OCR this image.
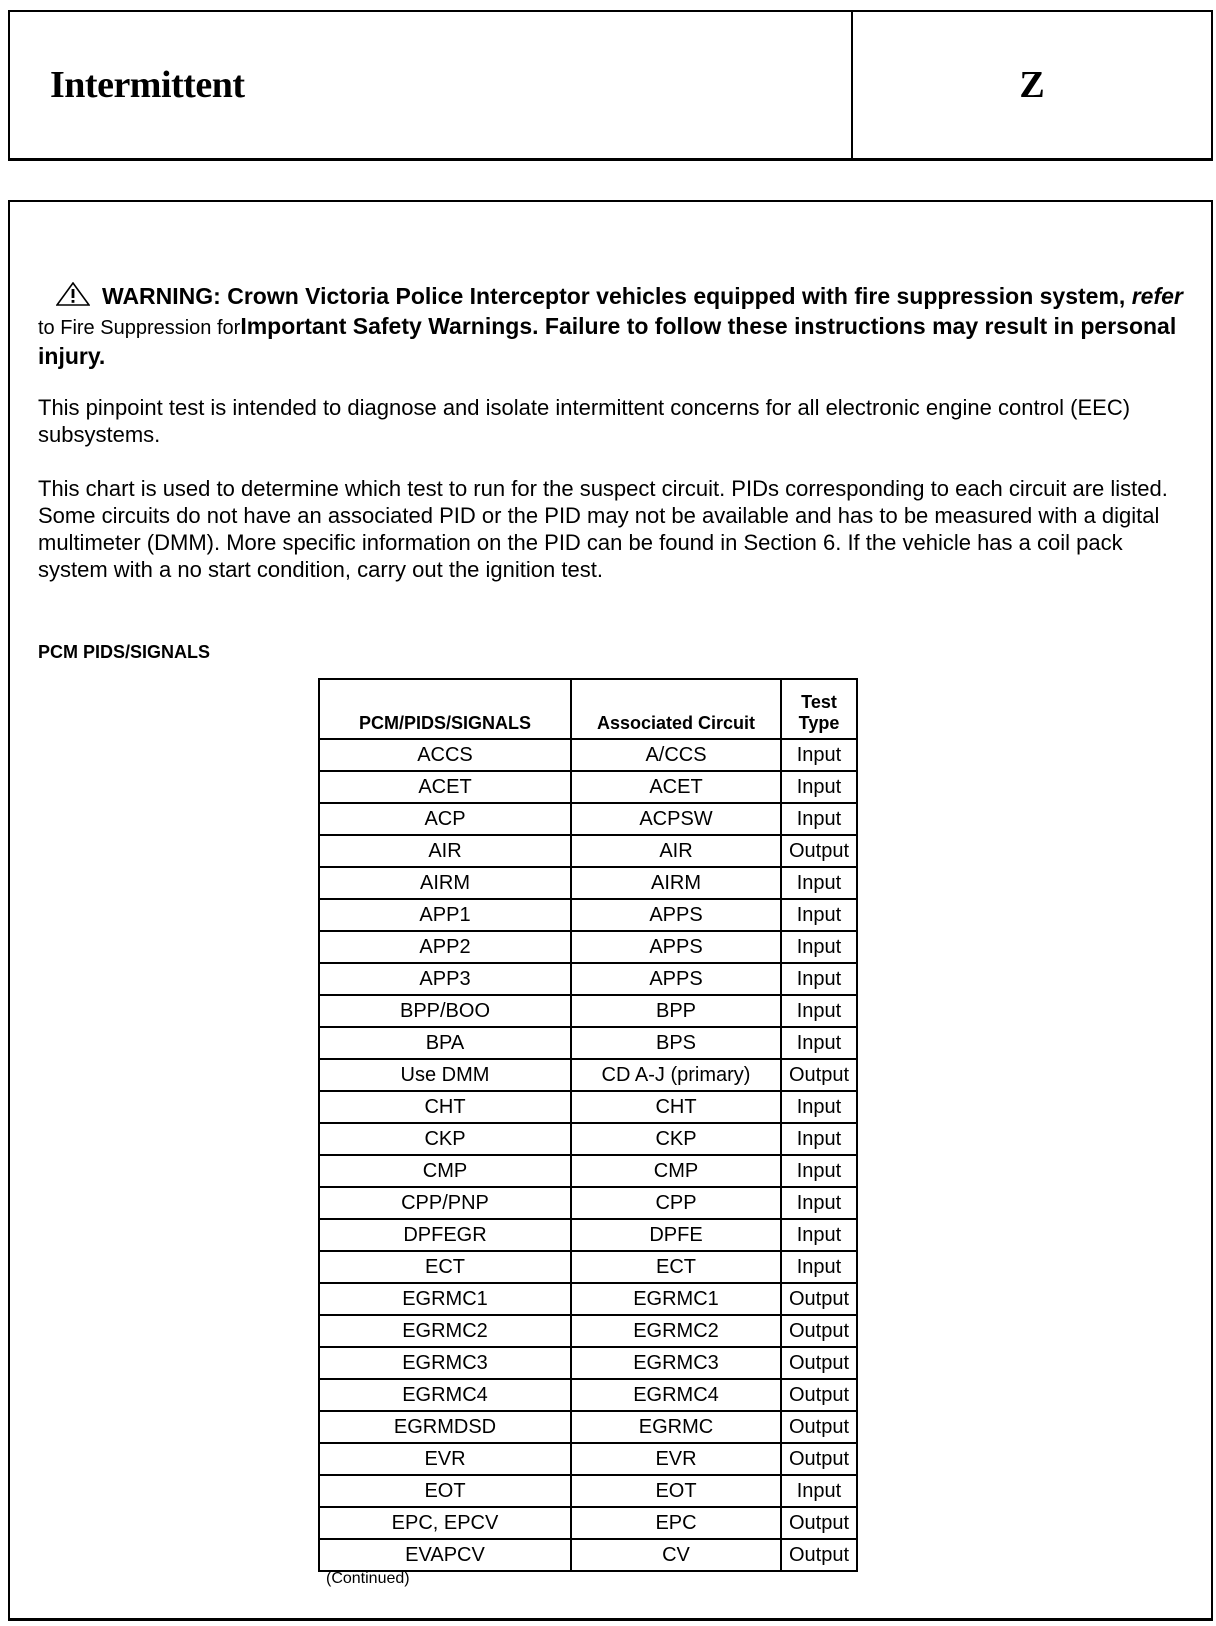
Intermittent	Z
WARNING: Crown Victoria Police Interceptor vehicles equipped with fire suppression system, refer to Fire Suppression forImportant Safety Warnings. Failure to follow these instructions may result in personal injury.
This pinpoint test is intended to diagnose and isolate intermittent concerns for all electronic engine control (EEC) subsystems.
This chart is used to determine which test to run for the suspect circuit. PIDs corresponding to each circuit are listed. Some circuits do not have an associated PID or the PID may not be available and has to be measured with a digital multimeter (DMM). More specific information on the PID can be found in Section 6. If the vehicle has a coil pack system with a no start condition, carry out the ignition test.
PCM PIDS/SIGNALS
PCM/PIDS/SIGNALS	Associated Circuit	Test
Type
ACCS	A/CCS	Input
ACET	ACET	Input
ACP	ACPSW	Input
AIR	AIR	Output
AIRM	AIRM	Input
APP1	APPS	Input
APP2	APPS	Input
APP3	APPS	Input
BPP/BOO	BPP	Input
BPA	BPS	Input
Use DMM	CD A-J (primary)	Output
CHT	CHT	Input
CKP	CKP	Input
CMP	CMP	Input
CPP/PNP	CPP	Input
DPFEGR	DPFE	Input
ECT	ECT	Input
EGRMC1	EGRMC1	Output
EGRMC2	EGRMC2	Output
EGRMC3	EGRMC3	Output
EGRMC4	EGRMC4	Output
EGRMDSD	EGRMC	Output
EVR	EVR	Output
EOT	EOT	Input
EPC, EPCV	EPC	Output
EVAPCV	CV	Output
(Continued)
